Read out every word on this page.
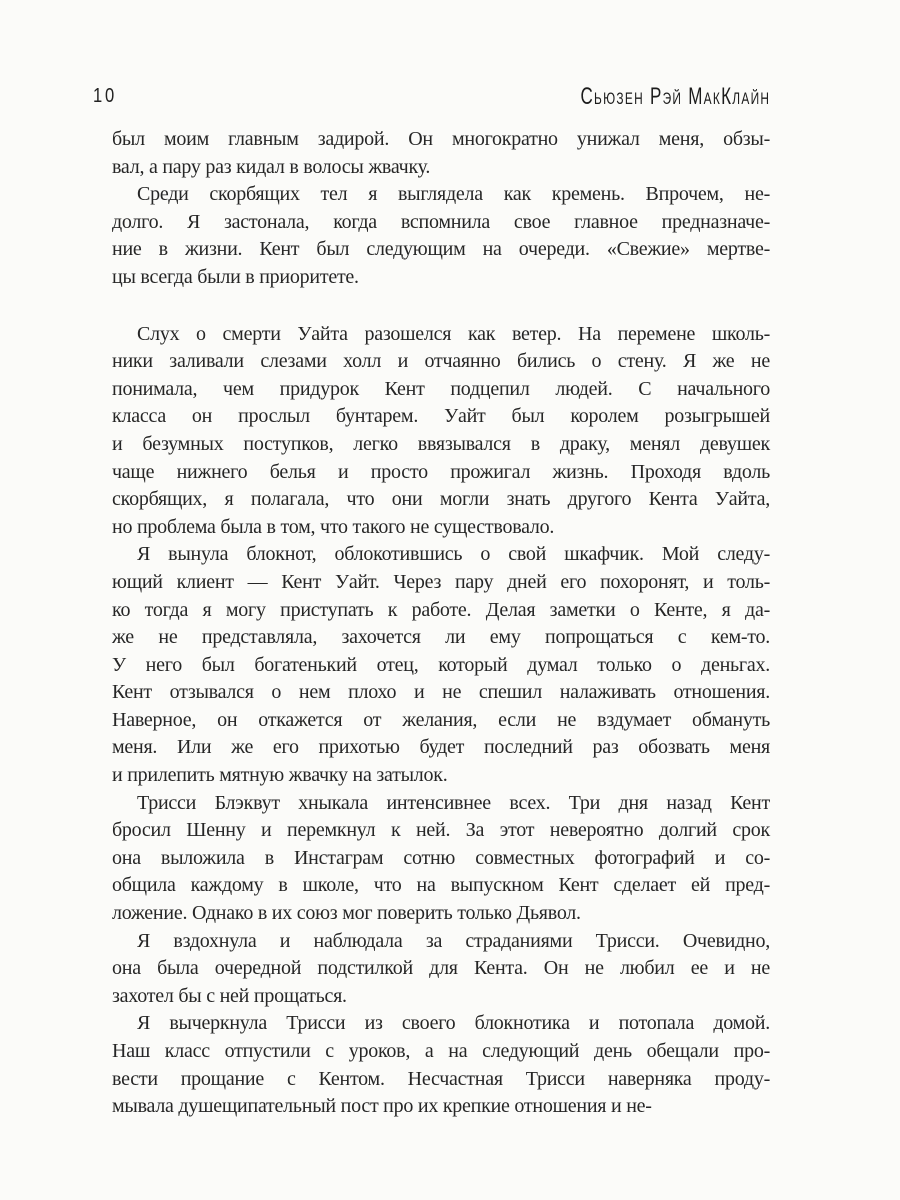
10	Сьюзен Рэй МакКлайн
был моим главным задирой. Он многократно унижал меня, обзы-
вал, а пару раз кидал в волосы жвачку.
Среди скорбящих тел я выглядела как кремень. Впрочем, не-
долго. Я застонала, когда вспомнила свое главное предназначе-
ние в жизни. Кент был следующим на очереди. «Свежие» мертве-
цы всегда были в приоритете.
Слух о смерти Уайта разошелся как ветер. На перемене школь-
ники заливали слезами холл и отчаянно бились о стену. Я же не
понимала, чем придурок Кент подцепил людей. С начального
класса он прослыл бунтарем. Уайт был королем розыгрышей
и безумных поступков, легко ввязывался в драку, менял девушек
чаще нижнего белья и просто прожигал жизнь. Проходя вдоль
скорбящих, я полагала, что они могли знать другого Кента Уайта,
но проблема была в том, что такого не существовало.
Я вынула блокнот, облокотившись о свой шкафчик. Мой следу-
ющий клиент — Кент Уайт. Через пару дней его похоронят, и толь-
ко тогда я могу приступать к работе. Делая заметки о Кенте, я да-
же не представляла, захочется ли ему попрощаться с кем-то.
У него был богатенький отец, который думал только о деньгах.
Кент отзывался о нем плохо и не спешил налаживать отношения.
Наверное, он откажется от желания, если не вздумает обмануть
меня. Или же его прихотью будет последний раз обозвать меня
и прилепить мятную жвачку на затылок.
Трисси Блэквут хныкала интенсивнее всех. Три дня назад Кент
бросил Шенну и перемкнул к ней. За этот невероятно долгий срок
она выложила в Инстаграм сотню совместных фотографий и со-
общила каждому в школе, что на выпускном Кент сделает ей пред-
ложение. Однако в их союз мог поверить только Дьявол.
Я вздохнула и наблюдала за страданиями Трисси. Очевидно,
она была очередной подстилкой для Кента. Он не любил ее и не
захотел бы с ней прощаться.
Я вычеркнула Трисси из своего блокнотика и потопала домой.
Наш класс отпустили с уроков, а на следующий день обещали про-
вести прощание с Кентом. Несчастная Трисси наверняка проду-
мывала душещипательный пост про их крепкие отношения и не-
